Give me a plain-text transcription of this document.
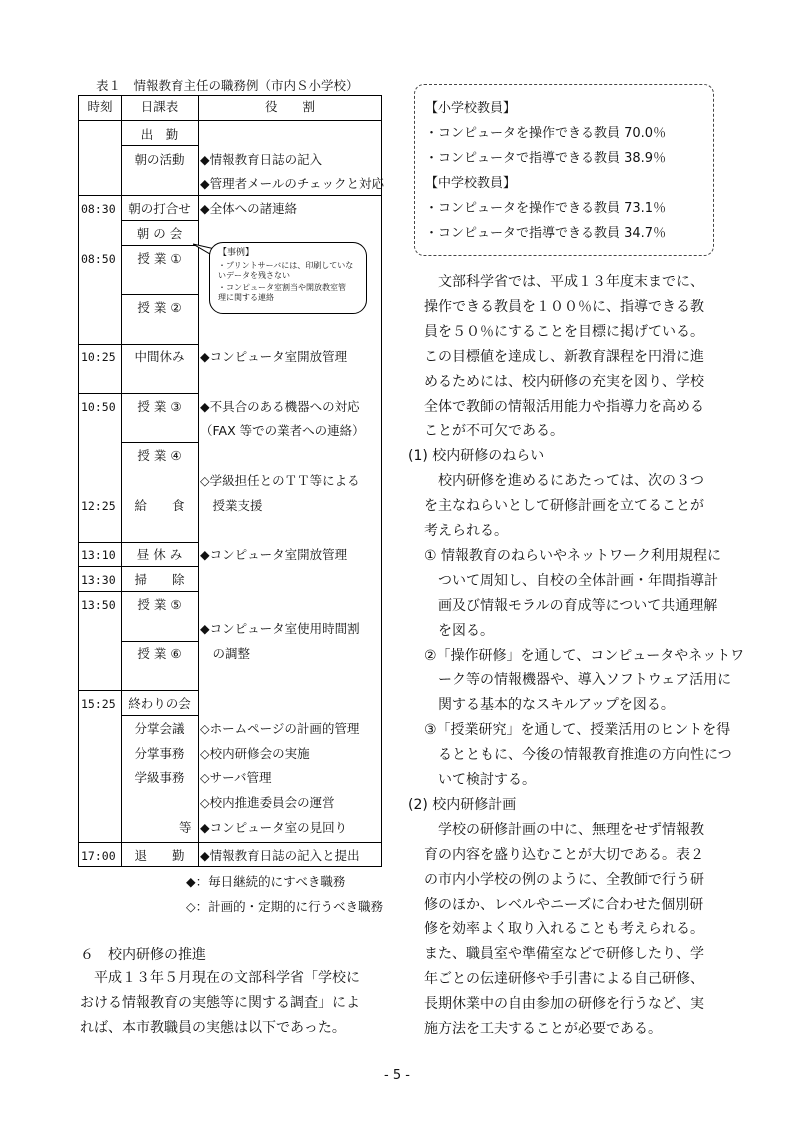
表１　情報教育主任の職務例（市内Ｓ小学校）
時刻	日課表	役　　割
08:30
08:50
10:25
10:50
12:25
13:10
13:30
13:50
15:25
17:00
出　勤
朝の活動
朝の打合せ
朝 の 会
授 業 ①
授 業 ②
中間休み
授 業 ③
授 業 ④
給　　食
昼 休 み
掃　　除
授 業 ⑤
授 業 ⑥
終わりの会
分掌会議
分掌事務
学級事務
等
退　　勤
◆情報教育日誌の記入
◆管理者メールのチェックと対応
◆全体への諸連絡
◆コンピュータ室開放管理
◆不具合のある機器への対応
（FAX 等での業者への連絡）
◇学級担任とのＴＴ等による
　授業支援
◆コンピュータ室開放管理
◆コンピュータ室使用時間割
　の調整
◇ホームページの計画的管理
◇校内研修会の実施
◇サーバ管理
◇校内推進委員会の運営
◆コンピュータ室の見回り
◆情報教育日誌の記入と提出
【事例】
・プリントサーバには、印刷していな
いデータを残さない
・コンピュータ室割当や開放教室管
理に関する連絡
◆：毎日継続的にすべき職務
◇：計画的・定期的に行うべき職務
６　校内研修の推進
　平成１３年５月現在の文部科学省「学校に
おける情報教育の実態等に関する調査」によ
れば、本市教職員の実態は以下であった。
【小学校教員】
・コンピュータを操作できる教員 70.0％
・コンピュータで指導できる教員 38.9％
【中学校教員】
・コンピュータを操作できる教員 73.1％
・コンピュータで指導できる教員 34.7％
　文部科学省では、平成１３年度末までに、
操作できる教員を１００％に、指導できる教
員を５０％にすることを目標に掲げている。
この目標値を達成し、新教育課程を円滑に進
めるためには、校内研修の充実を図り、学校
全体で教師の情報活用能力や指導力を高める
ことが不可欠である。
(1) 校内研修のねらい
　校内研修を進めるにあたっては、次の３つ
を主なねらいとして研修計画を立てることが
考えられる。
① 情報教育のねらいやネットワーク利用規程に
　ついて周知し、自校の全体計画・年間指導計
　画及び情報モラルの育成等について共通理解
　を図る。
②「操作研修」を通して、コンピュータやネットワ
　ーク等の情報機器や、導入ソフトウェア活用に
　関する基本的なスキルアップを図る。
③「授業研究」を通して、授業活用のヒントを得
　るとともに、今後の情報教育推進の方向性につ
　いて検討する。
(2) 校内研修計画
　学校の研修計画の中に、無理をせず情報教
育の内容を盛り込むことが大切である。表２
の市内小学校の例のように、全教師で行う研
修のほか、レベルやニーズに合わせた個別研
修を効率よく取り入れることも考えられる。
また、職員室や準備室などで研修したり、学
年ごとの伝達研修や手引書による自己研修、
長期休業中の自由参加の研修を行うなど、実
施方法を工夫することが必要である。
- 5 -
